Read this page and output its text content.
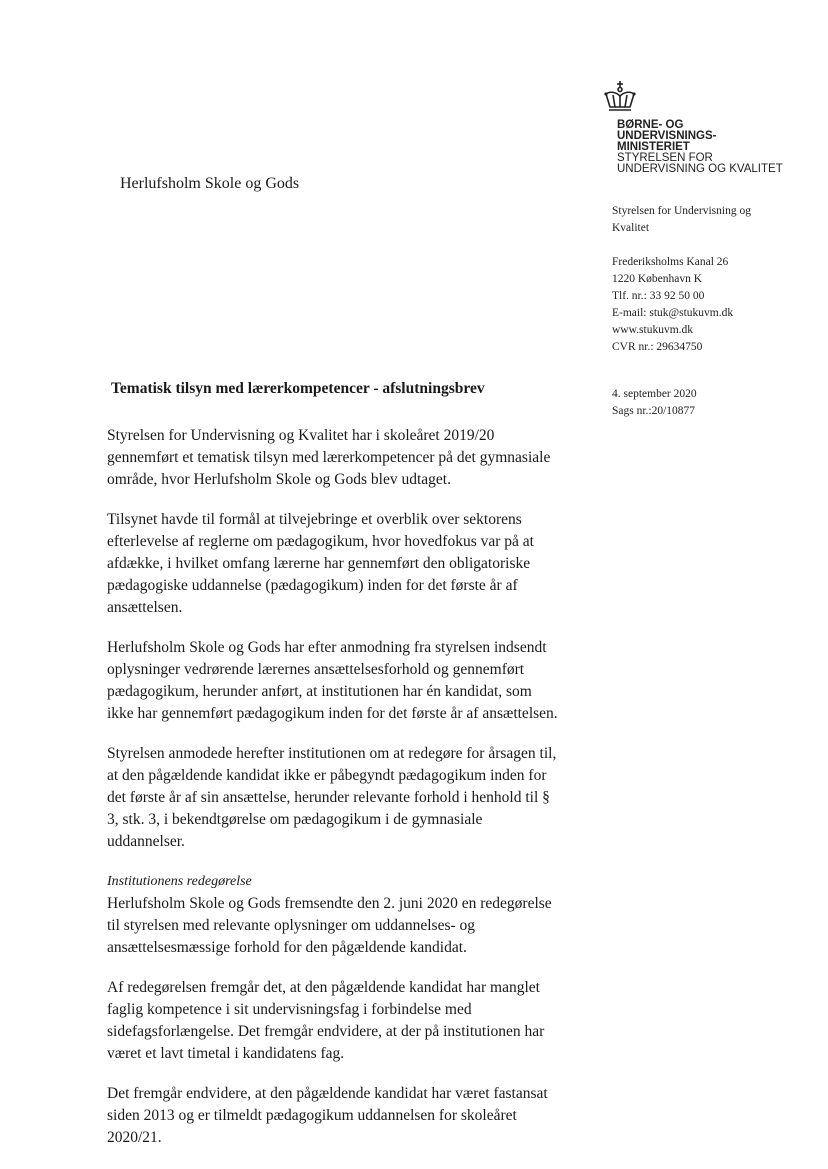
BØRNE- OG
UNDERVISNINGS-
MINISTERIET
STYRELSEN FOR
UNDERVISNING OG KVALITET
Herlufsholm Skole og Gods
Styrelsen for Undervisning og
Kvalitet
Frederiksholms Kanal 26
1220 København K
Tlf. nr.: 33 92 50 00
E-mail: stuk@stukuvm.dk
www.stukuvm.dk
CVR nr.: 29634750
4. september 2020
Sags nr.:20/10877
Tematisk tilsyn med lærerkompetencer - afslutningsbrev

Styrelsen for Undervisning og Kvalitet har i skoleåret 2019/20 gennemført et tematisk tilsyn med lærerkompetencer på det gymnasiale område, hvor Herlufsholm Skole og Gods blev udtaget.

Tilsynet havde til formål at tilvejebringe et overblik over sektorens efterlevelse af reglerne om pædagogikum, hvor hovedfokus var på at afdække, i hvilket omfang lærerne har gennemført den obligatoriske pædagogiske uddannelse (pædagogikum) inden for det første år af ansættelsen.

Herlufsholm Skole og Gods har efter anmodning fra styrelsen indsendt oplysninger vedrørende lærernes ansættelsesforhold og gennemført pædagogikum, herunder anført, at institutionen har én kandidat, som ikke har gennemført pædagogikum inden for det første år af ansættelsen.

Styrelsen anmodede herefter institutionen om at redegøre for årsagen til, at den pågældende kandidat ikke er påbegyndt pædagogikum inden for det første år af sin ansættelse, herunder relevante forhold i henhold til § 3, stk. 3, i bekendtgørelse om pædagogikum i de gymnasiale uddannelser.

Institutionens redegørelse

Herlufsholm Skole og Gods fremsendte den 2. juni 2020 en redegørelse til styrelsen med relevante oplysninger om uddannelses- og ansættelsesmæssige forhold for den pågældende kandidat.

Af redegørelsen fremgår det, at den pågældende kandidat har manglet faglig kompetence i sit undervisningsfag i forbindelse med sidefagsforlængelse. Det fremgår endvidere, at der på institutionen har været et lavt timetal i kandidatens fag.

Det fremgår endvidere, at den pågældende kandidat har været fastansat siden 2013 og er tilmeldt pædagogikum uddannelsen for skoleåret 2020/21.
